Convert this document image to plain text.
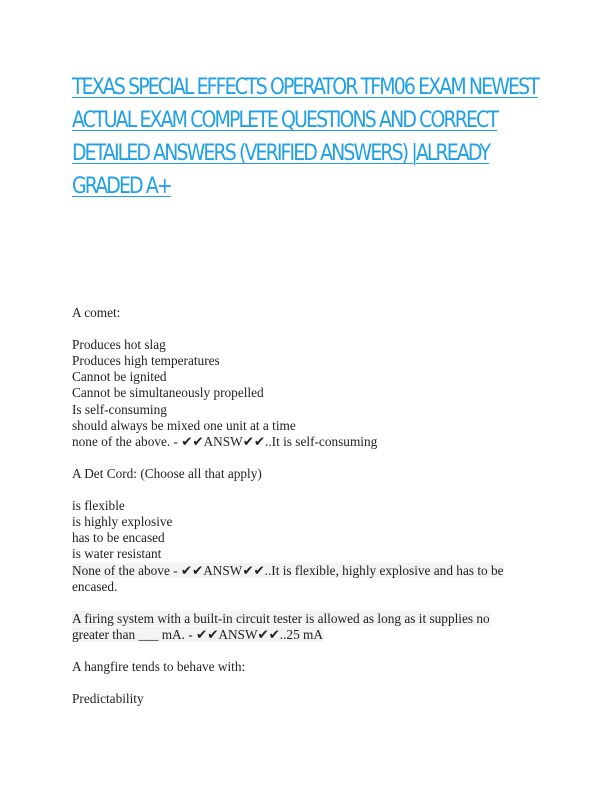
TEXAS SPECIAL EFFECTS OPERATOR TFM06 EXAM NEWEST
ACTUAL EXAM COMPLETE QUESTIONS AND CORRECT
DETAILED ANSWERS (VERIFIED ANSWERS) |ALREADY
GRADED A+

A comet:

Produces hot slag

Produces high temperatures

Cannot be ignited

Cannot be simultaneously propelled

Is self-consuming

should always be mixed one unit at a time

none of the above. - ✔✔ANSW✔✔..It is self-consuming

A Det Cord: (Choose all that apply)

is flexible

is highly explosive

has to be encased

is water resistant

None of the above - ✔✔ANSW✔✔..It is flexible, highly explosive and has to be

encased.

A firing system with a built-in circuit tester is allowed as long as it supplies no

greater than ___ mA. - ✔✔ANSW✔✔..25 mA

A hangfire tends to behave with:

Predictability
